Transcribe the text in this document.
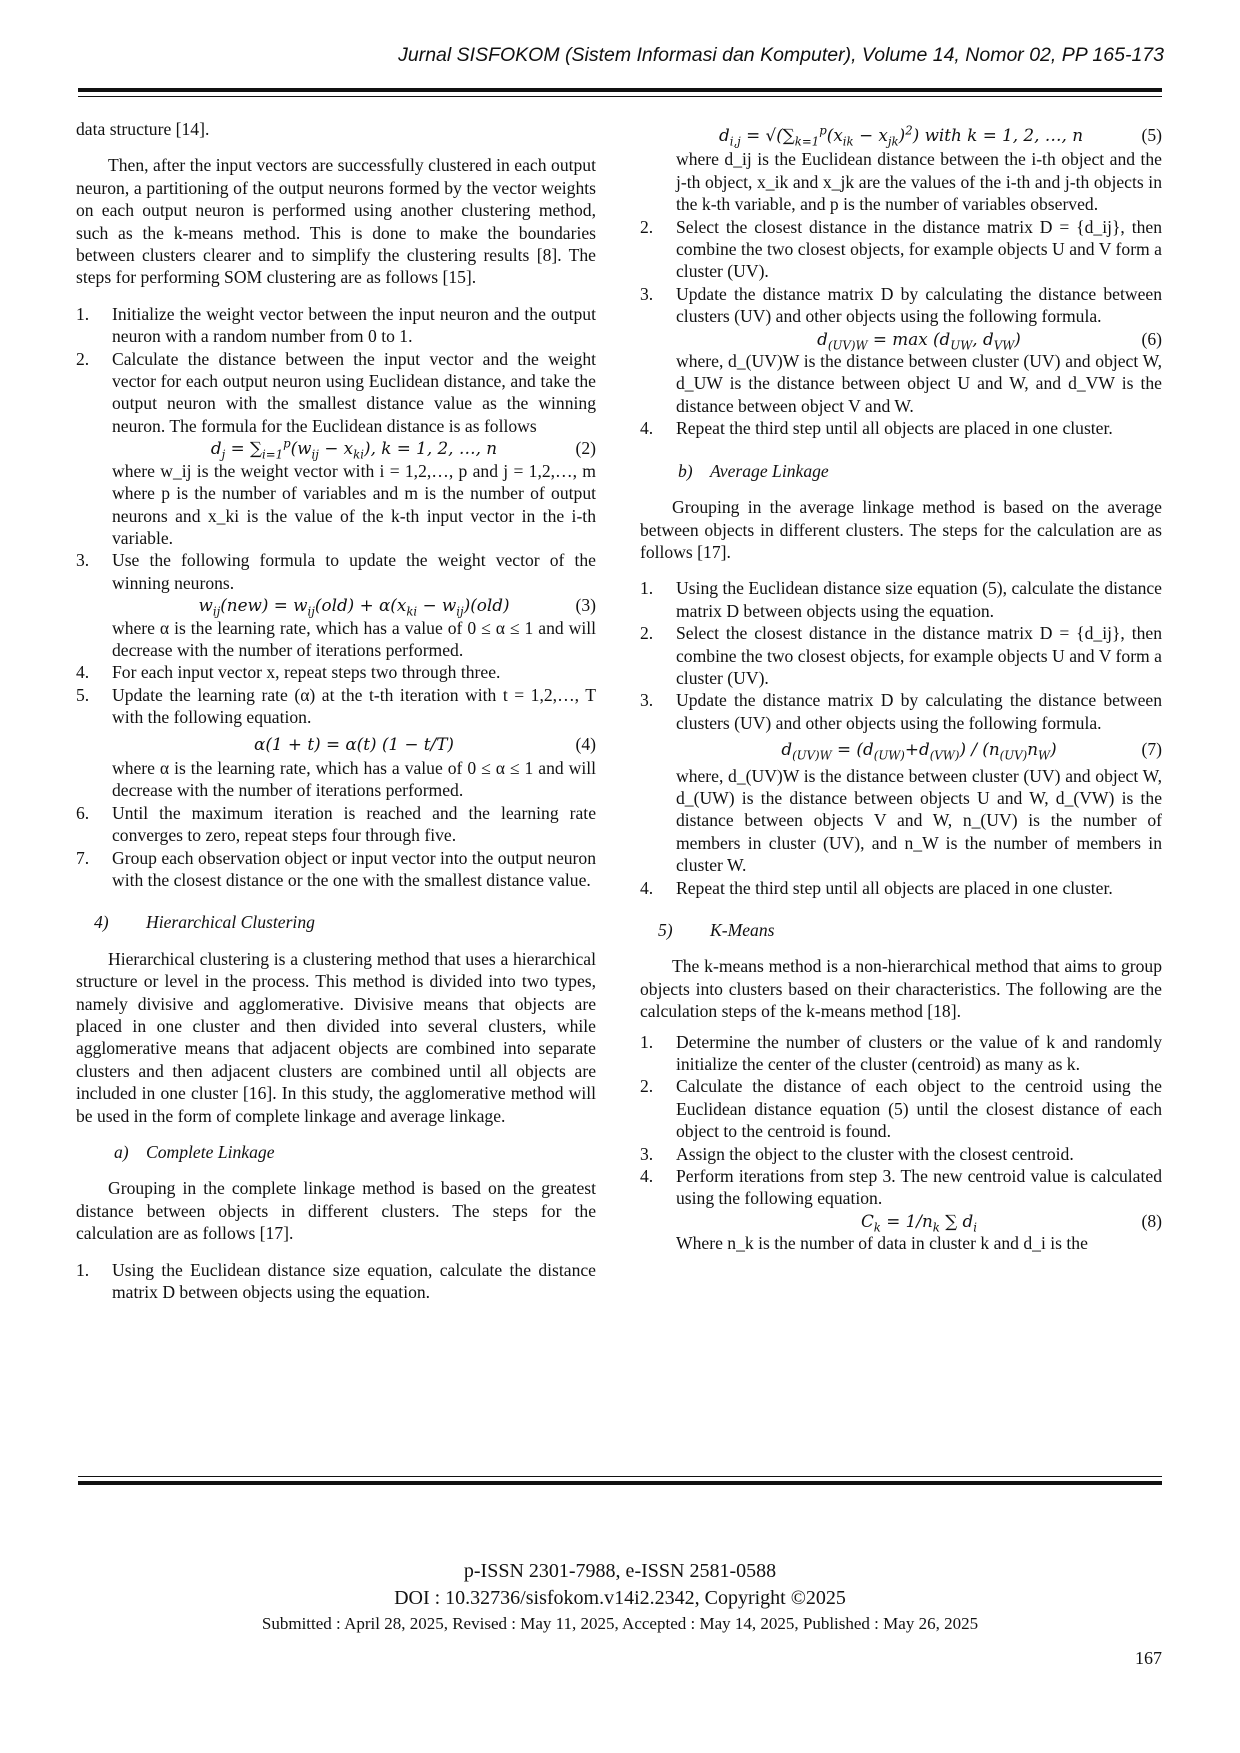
Jurnal SISFOKOM (Sistem Informasi dan Komputer), Volume 14, Nomor 02, PP 165-173

data structure [14].

Then, after the input vectors are successfully clustered in each output neuron, a partitioning of the output neurons formed by the vector weights on each output neuron is performed using another clustering method, such as the k-means method. This is done to make the boundaries between clusters clearer and to simplify the clustering results [8]. The steps for performing SOM clustering are as follows [15].

1.	Initialize the weight vector between the input neuron and the output neuron with a random number from 0 to 1.
2.	Calculate the distance between the input vector and the weight vector for each output neuron using Euclidean distance, and take the output neuron with the smallest distance value as the winning neuron. The formula for the Euclidean distance is as follows
$d_j = \sum_{i=1}^p(w_{ij} - x_{ki})$, k = 1, 2, …, n	(2)

where w_ij is the weight vector with i = 1,2,…, p and j = 1,2,…, m where p is the number of variables and m is the number of output neurons and x_ki is the value of the k-th input vector in the i-th variable.

3.	Use the following formula to update the weight vector of the winning neurons.
$w_{ij}(new) = w_{ij}(old) + \alpha(x_{ki} - w_{ij})(old)$	(3)

where α is the learning rate, which has a value of 0 ≤ α ≤ 1 and will decrease with the number of iterations performed.

4.	For each input vector x, repeat steps two through three.
5.	Update the learning rate (α) at the t-th iteration with t = 1,2,…, T with the following equation.
α(1 + t) = α(t) (1 − t/T)	(4)

where α is the learning rate, which has a value of 0 ≤ α ≤ 1 and will decrease with the number of iterations performed.

6.	Until the maximum iteration is reached and the learning rate converges to zero, repeat steps four through five.
7.	Group each observation object or input vector into the output neuron with the closest distance or the one with the smallest distance value.
4) Hierarchical Clustering

Hierarchical clustering is a clustering method that uses a hierarchical structure or level in the process. This method is divided into two types, namely divisive and agglomerative. Divisive means that objects are placed in one cluster and then divided into several clusters, while agglomerative means that adjacent objects are combined into separate clusters and then adjacent clusters are combined until all objects are included in one cluster [16]. In this study, the agglomerative method will be used in the form of complete linkage and average linkage.

a) Complete Linkage

Grouping in the complete linkage method is based on the greatest distance between objects in different clusters. The steps for the calculation are as follows [17].

1.	Using the Euclidean distance size equation, calculate the distance matrix D between objects using the equation.
$d_{i,j} = √(\sum_{k=1}^p(x_{ik} - x_{jk})^2)$ with k = 1, 2, …, n	(5)

where d_ij is the Euclidean distance between the i-th object and the j-th object, x_ik and x_jk are the values of the i-th and j-th objects in the k-th variable, and p is the number of variables observed.

2.	Select the closest distance in the distance matrix D = {d_ij}, then combine the two closest objects, for example objects U and V form a cluster (UV).
3.	Update the distance matrix D by calculating the distance between clusters (UV) and other objects using the following formula.
$d_{(UV)W} = \max (d_{UW}$, $d_{VW}$)	(6)

where, d_(UV)W is the distance between cluster (UV) and object W, d_UW is the distance between object U and W, and d_VW is the distance between object V and W.

4.	Repeat the third step until all objects are placed in one cluster.
b) Average Linkage

Grouping in the average linkage method is based on the average between objects in different clusters. The steps for the calculation are as follows [17].

1.	Using the Euclidean distance size equation (5), calculate the distance matrix D between objects using the equation.
2.	Select the closest distance in the distance matrix D = {d_ij}, then combine the two closest objects, for example objects U and V form a cluster (UV).
3.	Update the distance matrix D by calculating the distance between clusters (UV) and other objects using the following formula.
$d_{(UV)W} = (d_{(UW)}+d_{(VW)}) / (n_{(UV)}n_W)$	(7)

where, d_(UV)W is the distance between cluster (UV) and object W, d_(UW) is the distance between objects U and W, d_(VW) is the distance between objects V and W, n_(UV) is the number of members in cluster (UV), and n_W is the number of members in cluster W.

4.	Repeat the third step until all objects are placed in one cluster.
5) K-Means

The k-means method is a non-hierarchical method that aims to group objects into clusters based on their characteristics. The following are the calculation steps of the k-means method [18].

1.	Determine the number of clusters or the value of k and randomly initialize the center of the cluster (centroid) as many as k.
2.	Calculate the distance of each object to the centroid using the Euclidean distance equation (5) until the closest distance of each object to the centroid is found.
3.	Assign the object to the cluster with the closest centroid.
4.	Perform iterations from step 3. The new centroid value is calculated using the following equation.
$C_k = 1/n_k$ ∑ $d_i$	(8)

Where n_k is the number of data in cluster k and d_i is the

p-ISSN 2301-7988, e-ISSN 2581-0588
DOI : 10.32736/sisfokom.v14i2.2342, Copyright ©2025
Submitted : April 28, 2025, Revised : May 11, 2025, Accepted : May 14, 2025, Published : May 26, 2025
167
